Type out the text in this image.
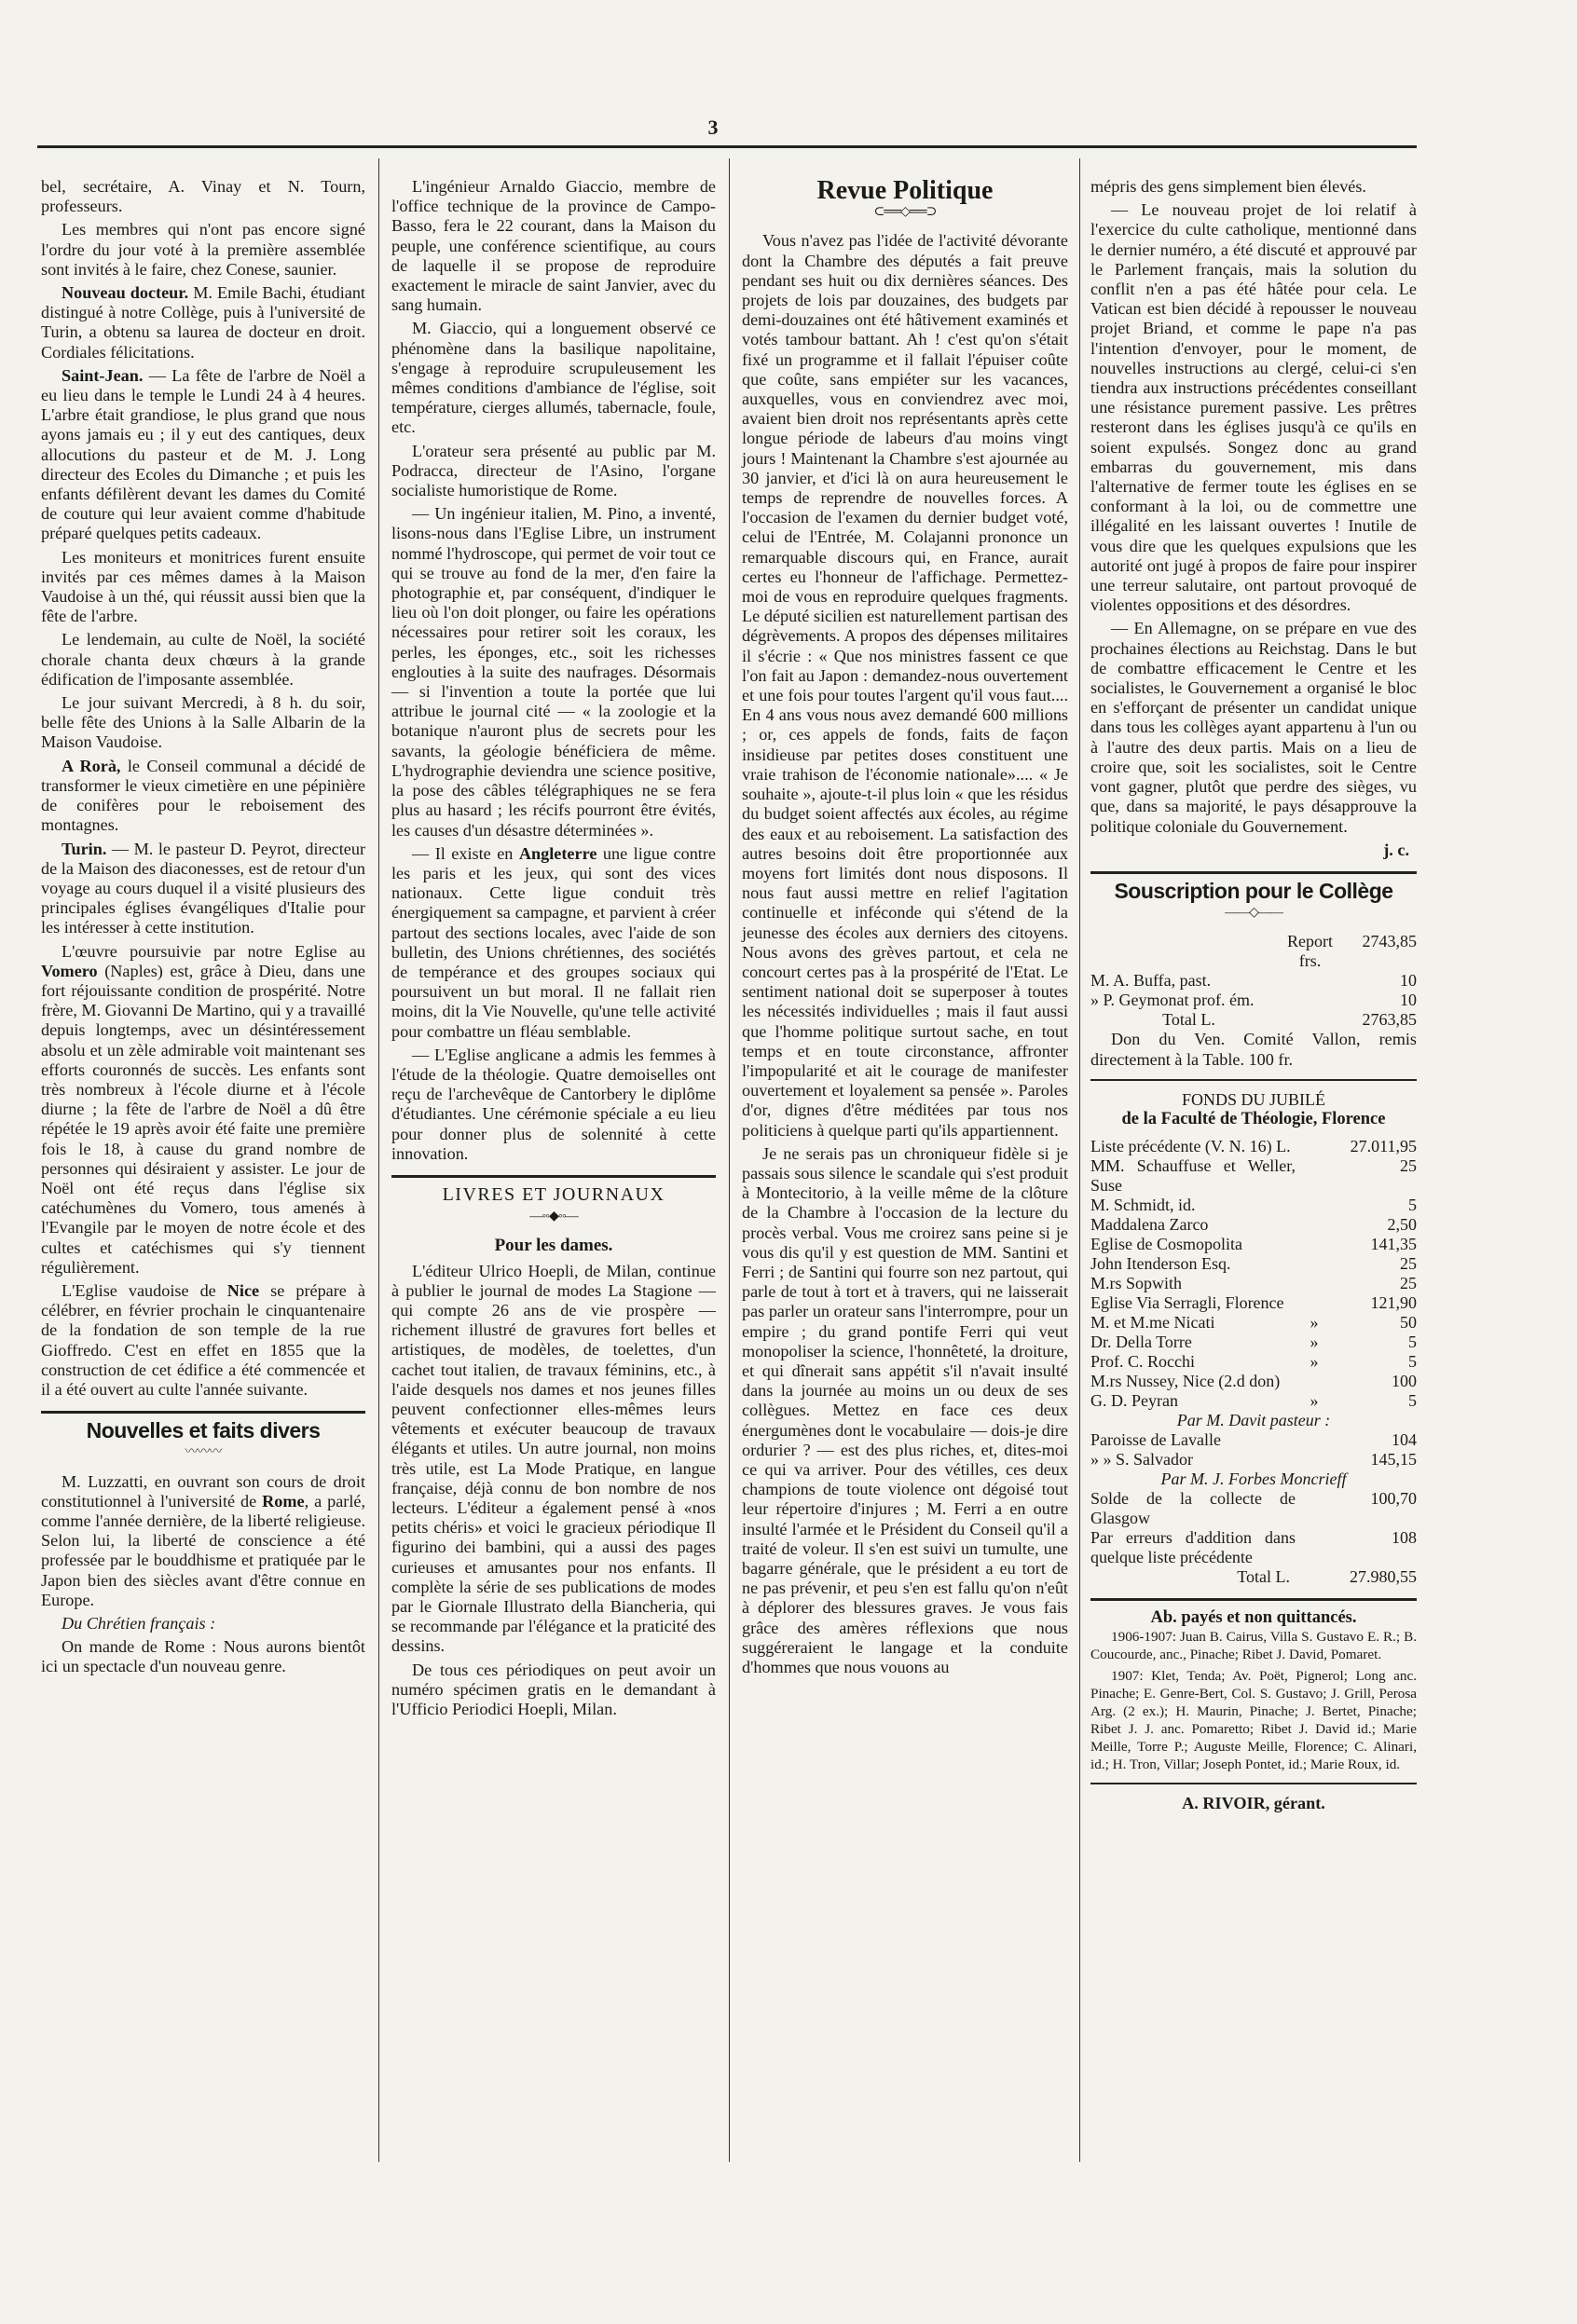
3

bel, secrétaire, A. Vinay et N. Tourn, professeurs.

Les membres qui n'ont pas encore signé l'ordre du jour voté à la première assemblée sont invités à le faire, chez Conese, saunier.

Nouveau docteur. M. Emile Bachi, étudiant distingué à notre Collège, puis à l'université de Turin, a obtenu sa laurea de docteur en droit. Cordiales félicitations.

Saint-Jean. — La fête de l'arbre de Noël a eu lieu dans le temple le Lundi 24 à 4 heures. L'arbre était grandiose, le plus grand que nous ayons jamais eu ; il y eut des cantiques, deux allocutions du pasteur et de M. J. Long directeur des Ecoles du Dimanche ; et puis les enfants défilèrent devant les dames du Comité de couture qui leur avaient comme d'habitude préparé quelques petits cadeaux.

Les moniteurs et monitrices furent ensuite invités par ces mêmes dames à la Maison Vaudoise à un thé, qui réussit aussi bien que la fête de l'arbre.

Le lendemain, au culte de Noël, la société chorale chanta deux chœurs à la grande édification de l'imposante assemblée.

Le jour suivant Mercredi, à 8 h. du soir, belle fête des Unions à la Salle Albarin de la Maison Vaudoise.

A Rorà, le Conseil communal a décidé de transformer le vieux cimetière en une pépinière de conifères pour le reboisement des montagnes.

Turin. — M. le pasteur D. Peyrot, directeur de la Maison des diaconesses, est de retour d'un voyage au cours duquel il a visité plusieurs des principales églises évangéliques d'Italie pour les intéresser à cette institution.

L'œuvre poursuivie par notre Eglise au Vomero (Naples) est, grâce à Dieu, dans une fort réjouissante condition de prospérité. Notre frère, M. Giovanni De Martino, qui y a travaillé depuis longtemps, avec un désintéressement absolu et un zèle admirable voit maintenant ses efforts couronnés de succès. Les enfants sont très nombreux à l'école diurne et à l'école diurne ; la fête de l'arbre de Noël a dû être répétée le 19 après avoir été faite une première fois le 18, à cause du grand nombre de personnes qui désiraient y assister. Le jour de Noël ont été reçus dans l'église six catéchumènes du Vomero, tous amenés à l'Evangile par le moyen de notre école et des cultes et catéchismes qui s'y tiennent régulièrement.

L'Eglise vaudoise de Nice se prépare à célébrer, en février prochain le cinquantenaire de la fondation de son temple de la rue Gioffredo. C'est en effet en 1855 que la construction de cet édifice a été commencée et il a été ouvert au culte l'année suivante.

Nouvelles et faits divers
〰〰〰

M. Luzzatti, en ouvrant son cours de droit constitutionnel à l'université de Rome, a parlé, comme l'année dernière, de la liberté religieuse. Selon lui, la liberté de conscience a été professée par le bouddhisme et pratiquée par le Japon bien des siècles avant d'être connue en Europe.

Du Chrétien français :

On mande de Rome : Nous aurons bientôt ici un spectacle d'un nouveau genre.

L'ingénieur Arnaldo Giaccio, membre de l'office technique de la province de Campo-Basso, fera le 22 courant, dans la Maison du peuple, une conférence scientifique, au cours de laquelle il se propose de reproduire exactement le miracle de saint Janvier, avec du sang humain.

M. Giaccio, qui a longuement observé ce phénomène dans la basilique napolitaine, s'engage à reproduire scrupuleusement les mêmes conditions d'ambiance de l'église, soit température, cierges allumés, tabernacle, foule, etc.

L'orateur sera présenté au public par M. Podracca, directeur de l'Asino, l'organe socialiste humoristique de Rome.

— Un ingénieur italien, M. Pino, a inventé, lisons-nous dans l'Eglise Libre, un instrument nommé l'hydroscope, qui permet de voir tout ce qui se trouve au fond de la mer, d'en faire la photographie et, par conséquent, d'indiquer le lieu où l'on doit plonger, ou faire les opérations nécessaires pour retirer soit les coraux, les perles, les éponges, etc., soit les richesses englouties à la suite des naufrages. Désormais — si l'invention a toute la portée que lui attribue le journal cité — « la zoologie et la botanique n'auront plus de secrets pour les savants, la géologie bénéficiera de même. L'hydrographie deviendra une science positive, la pose des câbles télégraphiques ne se fera plus au hasard ; les récifs pourront être évités, les causes d'un désastre déterminées ».

— Il existe en Angleterre une ligue contre les paris et les jeux, qui sont des vices nationaux. Cette ligue conduit très énergiquement sa campagne, et parvient à créer partout des sections locales, avec l'aide de son bulletin, des Unions chrétiennes, des sociétés de tempérance et des groupes sociaux qui poursuivent un but moral. Il ne fallait rien moins, dit la Vie Nouvelle, qu'une telle activité pour combattre un fléau semblable.

— L'Eglise anglicane a admis les femmes à l'étude de la théologie. Quatre demoiselles ont reçu de l'archevêque de Cantorbery le diplôme d'étudiantes. Une cérémonie spéciale a eu lieu pour donner plus de solennité à cette innovation.

LIVRES ET JOURNAUX
—◦◦◆◦◦—
Pour les dames.

L'éditeur Ulrico Hoepli, de Milan, continue à publier le journal de modes La Stagione — qui compte 26 ans de vie prospère — richement illustré de gravures fort belles et artistiques, de modèles, de toelettes, d'un cachet tout italien, de travaux féminins, etc., à l'aide desquels nos dames et nos jeunes filles peuvent confectionner elles-mêmes leurs vêtements et exécuter beaucoup de travaux élégants et utiles. Un autre journal, non moins très utile, est La Mode Pratique, en langue française, déjà connu de bon nombre de nos lecteurs. L'éditeur a également pensé à «nos petits chéris» et voici le gracieux périodique Il figurino dei bambini, qui a aussi des pages curieuses et amusantes pour nos enfants. Il complète la série de ses publications de modes par le Giornale Illustrato della Biancheria, qui se recommande par l'élégance et la praticité des dessins.

De tous ces périodiques on peut avoir un numéro spécimen gratis en le demandant à l'Ufficio Periodici Hoepli, Milan.

Revue Politique
⊂══◇══⊃

Vous n'avez pas l'idée de l'activité dévorante dont la Chambre des députés a fait preuve pendant ses huit ou dix dernières séances. Des projets de lois par douzaines, des budgets par demi-douzaines ont été hâtivement examinés et votés tambour battant. Ah ! c'est qu'on s'était fixé un programme et il fallait l'épuiser coûte que coûte, sans empiéter sur les vacances, auxquelles, vous en conviendrez avec moi, avaient bien droit nos représentants après cette longue période de labeurs d'au moins vingt jours ! Maintenant la Chambre s'est ajournée au 30 janvier, et d'ici là on aura heureusement le temps de reprendre de nouvelles forces. A l'occasion de l'examen du dernier budget voté, celui de l'Entrée, M. Colajanni prononce un remarquable discours qui, en France, aurait certes eu l'honneur de l'affichage. Permettez-moi de vous en reproduire quelques fragments. Le député sicilien est naturellement partisan des dégrèvements. A propos des dépenses militaires il s'écrie : « Que nos ministres fassent ce que l'on fait au Japon : demandez-nous ouvertement et une fois pour toutes l'argent qu'il vous faut.... En 4 ans vous nous avez demandé 600 millions ; or, ces appels de fonds, faits de façon insidieuse par petites doses constituent une vraie trahison de l'économie nationale».... « Je souhaite », ajoute-t-il plus loin « que les résidus du budget soient affectés aux écoles, au régime des eaux et au reboisement. La satisfaction des autres besoins doit être proportionnée aux moyens fort limités dont nous disposons. Il nous faut aussi mettre en relief l'agitation continuelle et inféconde qui s'étend de la jeunesse des écoles aux derniers des citoyens. Nous avons des grèves partout, et cela ne concourt certes pas à la prospérité de l'Etat. Le sentiment national doit se superposer à toutes les nécessités individuelles ; mais il faut aussi que l'homme politique surtout sache, en tout temps et en toute circonstance, affronter l'impopularité et ait le courage de manifester ouvertement et loyalement sa pensée ». Paroles d'or, dignes d'être méditées par tous nos politiciens à quelque parti qu'ils appartiennent.

Je ne serais pas un chroniqueur fidèle si je passais sous silence le scandale qui s'est produit à Montecitorio, à la veille même de la clôture de la Chambre à l'occasion de la lecture du procès verbal. Vous me croirez sans peine si je vous dis qu'il y est question de MM. Santini et Ferri ; de Santini qui fourre son nez partout, qui parle de tout à tort et à travers, qui ne laisserait pas parler un orateur sans l'interrompre, pour un empire ; du grand pontife Ferri qui veut monopoliser la science, l'honnêteté, la droiture, et qui dînerait sans appétit s'il n'avait insulté dans la journée au moins un ou deux de ses collègues. Mettez en face ces deux énergumènes dont le vocabulaire — dois-je dire ordurier ? — est des plus riches, et, dites-moi ce qui va arriver. Pour des vétilles, ces deux champions de toute violence ont dégoisé tout leur répertoire d'injures ; M. Ferri a en outre insulté l'armée et le Président du Conseil qu'il a traité de voleur. Il s'en est suivi un tumulte, une bagarre générale, que le président a eu tort de ne pas prévenir, et peu s'en est fallu qu'on n'eût à déplorer des blessures graves. Je vous fais grâce des amères réflexions que nous suggéreraient le langage et la conduite d'hommes que nous vouons au

mépris des gens simplement bien élevés.

— Le nouveau projet de loi relatif à l'exercice du culte catholique, mentionné dans le dernier numéro, a été discuté et approuvé par le Parlement français, mais la solution du conflit n'en a pas été hâtée pour cela. Le Vatican est bien décidé à repousser le nouveau projet Briand, et comme le pape n'a pas l'intention d'envoyer, pour le moment, de nouvelles instructions au clergé, celui-ci s'en tiendra aux instructions précédentes conseillant une résistance purement passive. Les prêtres resteront dans les églises jusqu'à ce qu'ils en soient expulsés. Songez donc au grand embarras du gouvernement, mis dans l'alternative de fermer toute les églises en se conformant à la loi, ou de commettre une illégalité en les laissant ouvertes ! Inutile de vous dire que les quelques expulsions que les autorité ont jugé à propos de faire pour inspirer une terreur salutaire, ont partout provoqué de violentes oppositions et des désordres.

— En Allemagne, on se prépare en vue des prochaines élections au Reichstag. Dans le but de combattre efficacement le Centre et les socialistes, le Gouvernement a organisé le bloc en s'efforçant de présenter un candidat unique dans tous les collèges ayant appartenu à l'un ou à l'autre des deux partis. Mais on a lieu de croire que, soit les socialistes, soit le Centre vont gagner, plutôt que perdre des sièges, vu que, dans sa majorité, le pays désapprouve la politique coloniale du Gouvernement.

j. c.
Souscription pour le Collège
——◇——
	Report frs.	2743,85
M. A. Buffa, past.		10
» P. Geymonat prof. ém.		10
Total L.		2763,85

Don du Ven. Comité Vallon, remis directement à la Table. 100 fr.

FONDS DU JUBILÉ
de la Faculté de Théologie, Florence
Liste précédente (V. N. 16) L.		27.011,95
MM. Schauffuse et Weller, Suse		25
M. Schmidt, id.		5
Maddalena Zarco		2,50
Eglise de Cosmopolita		141,35
John Itenderson Esq.		25
M.rs Sopwith		25
Eglise Via Serragli, Florence		121,90
M. et M.me Nicati	»	50
Dr. Della Torre	»	5
Prof. C. Rocchi	»	5
M.rs Nussey, Nice (2.d don)		100
G. D. Peyran	»	5
Par M. Davit pasteur :		
Paroisse de Lavalle		104
» » S. Salvador		145,15
Par M. J. Forbes Moncrieff		
Solde de la collecte de Glasgow		100,70
Par erreurs d'addition dans quelque liste précédente		108
Total L.		27.980,55
Ab. payés et non quittancés.

1906-1907: Juan B. Cairus, Villa S. Gustavo E. R.; B. Coucourde, anc., Pinache; Ribet J. David, Pomaret.

1907: Klet, Tenda; Av. Poët, Pignerol; Long anc. Pinache; E. Genre-Bert, Col. S. Gustavo; J. Grill, Perosa Arg. (2 ex.); H. Maurin, Pinache; J. Bertet, Pinache; Ribet J. J. anc. Pomaretto; Ribet J. David id.; Marie Meille, Torre P.; Auguste Meille, Florence; C. Alinari, id.; H. Tron, Villar; Joseph Pontet, id.; Marie Roux, id.

A. RIVOIR, gérant.
